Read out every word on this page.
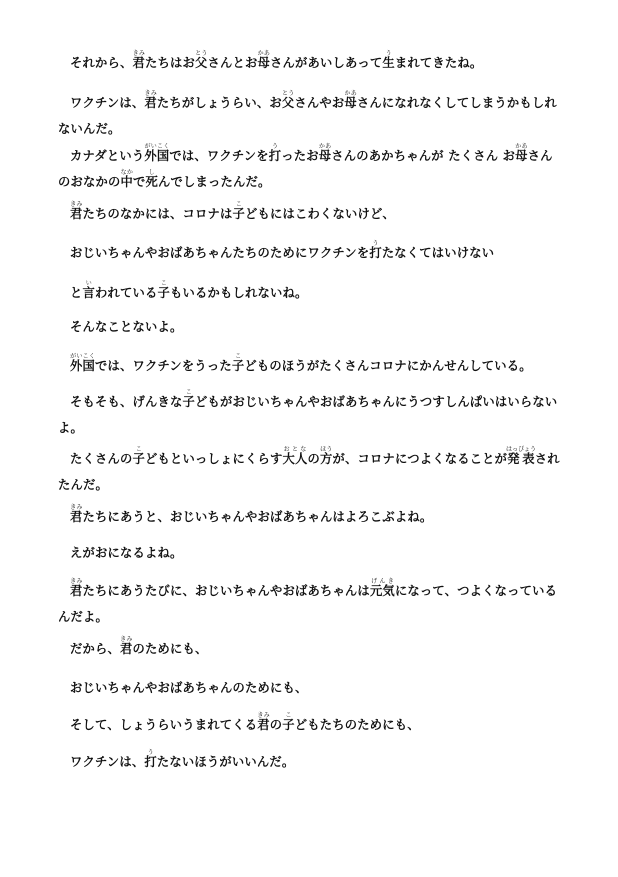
それから、君きみたちはお父とうさんとお母かあさんがあいしあって生うまれてきたね。

ワクチンは、君きみたちがしょうらい、お父とうさんやお母かあさんになれなくしてしまうかもしれないんだ。

カナダという外国がいこくでは、ワクチンを打うったお母かあさんのあかちゃんが たくさん お母かあさんのおなかの中なかで死しんでしまったんだ。

君きみたちのなかには、コロナは子こどもにはこわくないけど、

おじいちゃんやおばあちゃんたちのためにワクチンを打うたなくてはいけない

と言いわれている子こもいるかもしれないね。

そんなことないよ。

外国がいこくでは、ワクチンをうった子こどものほうがたくさんコロナにかんせんしている。

そもそも、げんきな子こどもがおじいちゃんやおばあちゃんにうつすしんぱいはいらないよ。

たくさんの子こどもといっしょにくらす大人おとなの方ほうが、コロナにつよくなることが発表はっぴょうされたんだ。

君きみたちにあうと、おじいちゃんやおばあちゃんはよろこぶよね。

えがおになるよね。

君きみたちにあうたびに、おじいちゃんやおばあちゃんは元気げんきになって、つよくなっているんだよ。

だから、君きみのためにも、

おじいちゃんやおばあちゃんのためにも、

そして、しょうらいうまれてくる君きみの子こどもたちのためにも、

ワクチンは、打うたないほうがいいんだ。
